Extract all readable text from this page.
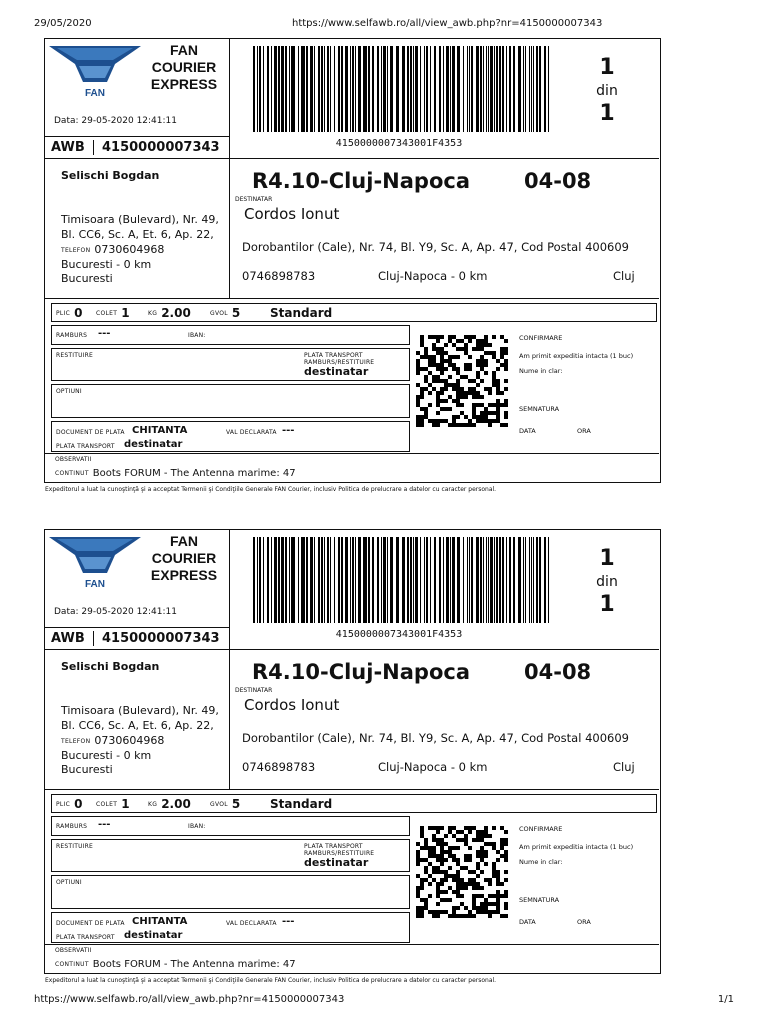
29/05/2020	https://www.selfawb.ro/all/view_awb.php?nr=4150000007343
FAN
FAN
COURIER
EXPRESS
Data: 29-05-2020 12:41:11
AWB 4150000007343	4150000007343001F4353
1
din
1
Selischi Bogdan
Timisoara (Bulevard), Nr. 49,
Bl. CC6, Sc. A, Et. 6, Ap. 22,
TELEFON 0730604968
Bucuresti - 0 km
Bucuresti
R4.10-Cluj-Napoca	04-08
DESTINATAR
Cordos Ionut
Dorobantilor (Cale), Nr. 74, Bl. Y9, Sc. A, Ap. 47, Cod Postal 400609
0746898783	Cluj-Napoca - 0 km	Cluj
PLIC 0 COLET 1	KG 2.00	GVOL 5 Standard
RAMBURS ---	IBAN:
RESTITUIRE	PLATA TRANSPORT
RAMBURS/RESTITUIRE
destinatar
OPTIUNI
DOCUMENT DE PLATA CHITANTA	VAL DECLARATA ---
PLATA TRANSPORT destinatar
CONFIRMARE
Am primit expeditia intacta (1 buc)
Nume in clar:
SEMNATURA
DATA	ORA
OBSERVATII
CONTINUT Boots FORUM - The Antenna marime: 47
Expeditorul a luat la cunoştinţă şi a acceptat Termenii şi Condiţiile Generale FAN Courier, inclusiv Politica de prelucrare a datelor cu caracter personal.
FAN
FAN
COURIER
EXPRESS
Data: 29-05-2020 12:41:11
AWB 4150000007343	4150000007343001F4353
1
din
1
Selischi Bogdan
Timisoara (Bulevard), Nr. 49,
Bl. CC6, Sc. A, Et. 6, Ap. 22,
TELEFON 0730604968
Bucuresti - 0 km
Bucuresti
R4.10-Cluj-Napoca	04-08
DESTINATAR
Cordos Ionut
Dorobantilor (Cale), Nr. 74, Bl. Y9, Sc. A, Ap. 47, Cod Postal 400609
0746898783	Cluj-Napoca - 0 km	Cluj
PLIC 0 COLET 1	KG 2.00	GVOL 5 Standard
RAMBURS ---	IBAN:
RESTITUIRE	PLATA TRANSPORT
RAMBURS/RESTITUIRE
destinatar
OPTIUNI
DOCUMENT DE PLATA CHITANTA	VAL DECLARATA ---
PLATA TRANSPORT destinatar
CONFIRMARE
Am primit expeditia intacta (1 buc)
Nume in clar:
SEMNATURA
DATA	ORA
OBSERVATII
CONTINUT Boots FORUM - The Antenna marime: 47
Expeditorul a luat la cunoştinţă şi a acceptat Termenii şi Condiţiile Generale FAN Courier, inclusiv Politica de prelucrare a datelor cu caracter personal.
https://www.selfawb.ro/all/view_awb.php?nr=4150000007343	1/1
